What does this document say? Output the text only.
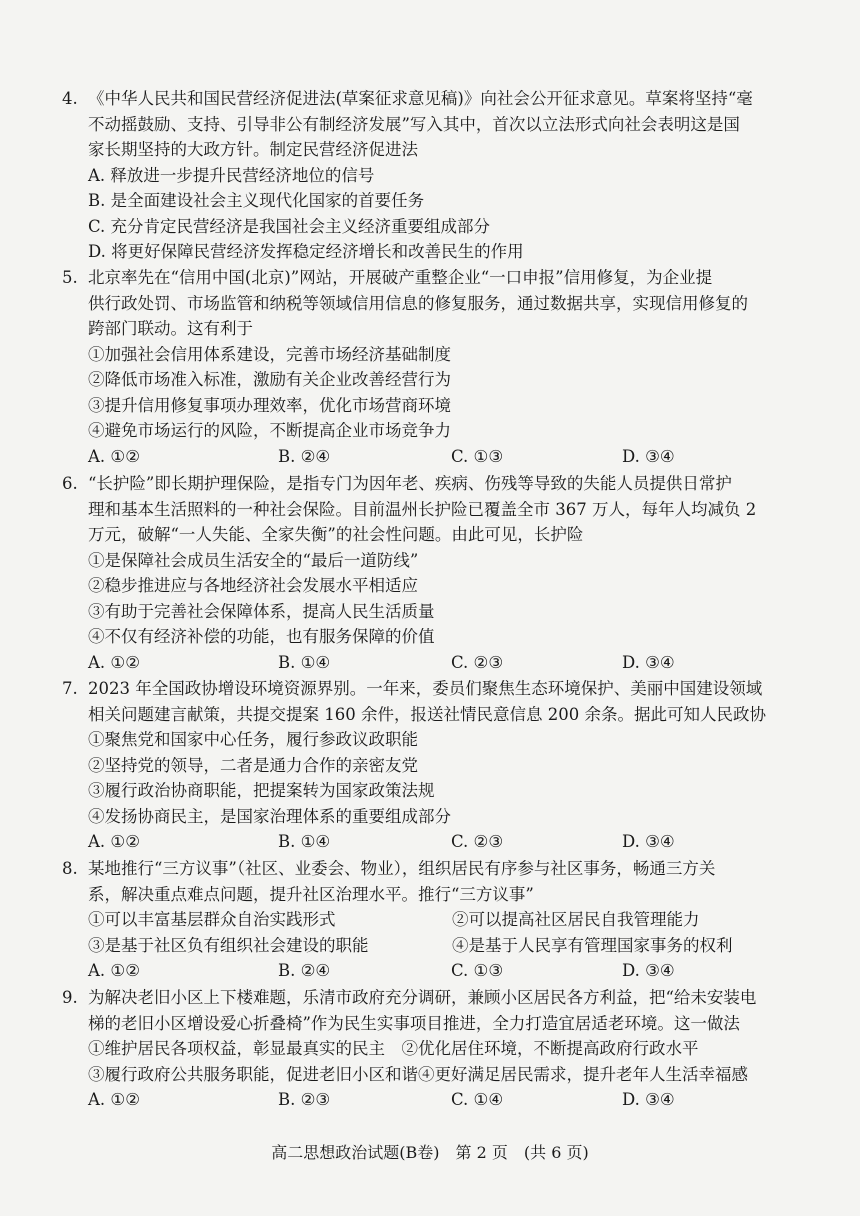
4. 《中华人民共和国民营经济促进法(草案征求意见稿)》向社会公开征求意见。草案将坚持“毫
不动摇鼓励、支持、引导非公有制经济发展”写入其中，首次以立法形式向社会表明这是国
家长期坚持的大政方针。制定民营经济促进法
A. 释放进一步提升民营经济地位的信号
B. 是全面建设社会主义现代化国家的首要任务
C. 充分肯定民营经济是我国社会主义经济重要组成部分
D. 将更好保障民营经济发挥稳定经济增长和改善民生的作用
5. 北京率先在“信用中国(北京)”网站，开展破产重整企业“一口申报”信用修复，为企业提
供行政处罚、市场监管和纳税等领域信用信息的修复服务，通过数据共享，实现信用修复的
跨部门联动。这有利于
①加强社会信用体系建设，完善市场经济基础制度
②降低市场准入标准，激励有关企业改善经营行为
③提升信用修复事项办理效率，优化市场营商环境
④避免市场运行的风险，不断提高企业市场竞争力
A. ①②	B. ②④	C. ①③	D. ③④
6. “长护险”即长期护理保险，是指专门为因年老、疾病、伤残等导致的失能人员提供日常护
理和基本生活照料的一种社会保险。目前温州长护险已覆盖全市 367 万人，每年人均减负 2
万元，破解“一人失能、全家失衡”的社会性问题。由此可见，长护险
①是保障社会成员生活安全的“最后一道防线”
②稳步推进应与各地经济社会发展水平相适应
③有助于完善社会保障体系，提高人民生活质量
④不仅有经济补偿的功能，也有服务保障的价值
A. ①②	B. ①④	C. ②③	D. ③④
7. 2023 年全国政协增设环境资源界别。一年来，委员们聚焦生态环境保护、美丽中国建设领域
相关问题建言献策，共提交提案 160 余件，报送社情民意信息 200 余条。据此可知人民政协
①聚焦党和国家中心任务，履行参政议政职能
②坚持党的领导，二者是通力合作的亲密友党
③履行政治协商职能，把提案转为国家政策法规
④发扬协商民主，是国家治理体系的重要组成部分
A. ①②	B. ①④	C. ②③	D. ③④
8. 某地推行“三方议事”（社区、业委会、物业），组织居民有序参与社区事务，畅通三方关
系，解决重点难点问题，提升社区治理水平。推行“三方议事”
①可以丰富基层群众自治实践形式	②可以提高社区居民自我管理能力
③是基于社区负有组织社会建设的职能	④是基于人民享有管理国家事务的权利
A. ①②	B. ②④	C. ①③	D. ③④
9. 为解决老旧小区上下楼难题，乐清市政府充分调研，兼顾小区居民各方利益，把“给未安装电
梯的老旧小区增设爱心折叠椅”作为民生实事项目推进，全力打造宜居适老环境。这一做法
①维护居民各项权益，彰显最真实的民主　②优化居住环境，不断提高政府行政水平
③履行政府公共服务职能，促进老旧小区和谐④更好满足居民需求，提升老年人生活幸福感
A. ①②	B. ②③	C. ①④	D. ③④
高二思想政治试题(B卷)　第 2 页　(共 6 页)
